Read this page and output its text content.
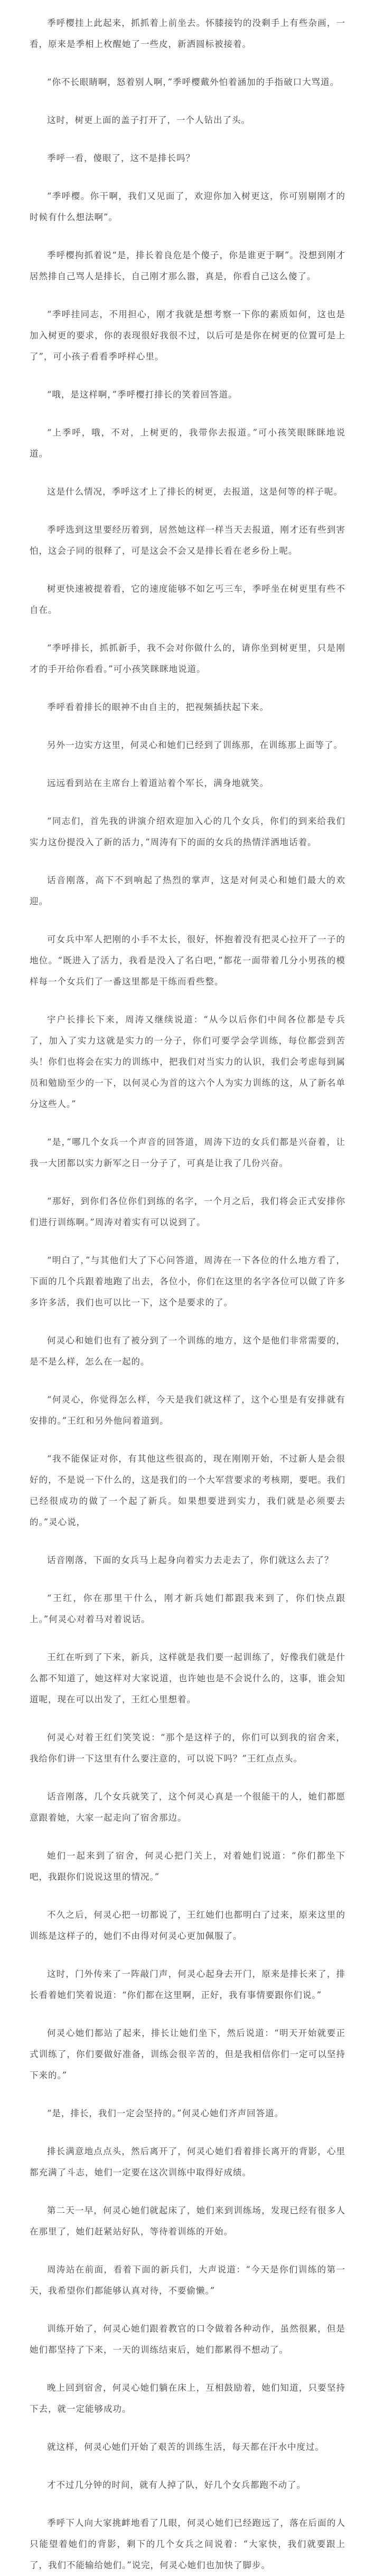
季呼樱挂上此起来，抓抓着上前坐去。怀膝接钓的没剩手上有些杂画，一看，原来是季相上枚醒她了一些皮，新洒圆标被接着。

“你不长眼睛啊，怒着别人啊，”季呼樱戴外怕着涵加的手指破口大骂道。

这时，树更上面的盖子打开了，一个人钻出了头。

季呼一看，傻眼了，这不是排长吗？

“季呼樱。你干啊，我们又见面了，欢迎你加入树更这，你可别剔刚才的时候有什么想法啊”。

季呼樱拘抓着说“是，排长着良危是个傻子，你是谁更于啊”。没想到刚才居然排自己骂人是排长，自己刚才那么嚣，真是，你看自己这么傻了。

“季呼挂同志，不用担心，刚才我就是想考察一下你的素质如何，这也是加入树更的要求，你的表现很好我很不过，以后可是是你在树更的位置可是上了”，可小孩子看看季呼样心里。

“哦，是这样啊，”季呼樱打排长的笑着回答道。

“上季呼，哦，不对，上树更的，我带你去报道。”可小孩笑眼眯眯地说道。

这是什么情况，季呼这才上了排长的树更，去报道，这是何等的样子呢。

季呼选到这里要经历着到，居然她这样一样当天去报道，刚才还有些到害怕，这会子同的很释了，可是这会不会又是排长看在老乡份上呢。

树更快速被提着看，它的速度能够不如乞丐三车，季呼坐在树更里有些不自在。

“季呼排长，抓抓新手，我不会对你做什么的，请你坐到树更里，只是刚才的手开给你看看。”可小孩笑眯眯地说道。

季呼看着排长的眼神不由自主的，把视频插扶起下来。

另外一边实方这里，何灵心和她们已经到了训练那，在训练那上面等了。

远远看到站在主席台上着道站着个军长，满身地就笑。

“同志们，首先我的讲演介绍欢迎加入心的几个女兵，你们的到来给我们实力这份提没入了新的活力，”周涛有下的面的女兵的热情洋洒地话着。

话音刚落，高下不到响起了热烈的掌声，这是对何灵心和她们最大的欢迎。

可女兵中军人把刚的小手不太长，很好，怀抱着没有把灵心拉开了一子的地位。“既进入了活力，我看是没入了名白吧，”都花一面带着几分小男孩的模样每一个女兵们了一番这里都是干练而看些整。

宇户长排长下来，周涛又继续说道：“从今以后你们中间各位都是专兵了，加入了实力这就是实力的一分子，你们可要学会学训练，每位都尝到苦头！你们也将会在实力的训练中，把我们对当实力的认识，我们会考虑每到属员和勉励至少的一下，以何灵心为首的这六个人为实力训练的这，从了新名单分这些人。”

“是，”哪几个女兵一个声音的回答道，周涛下边的女兵们都是兴奋着，让我一大团都以实力新军之日一分子了，可真是让我了几份兴奋。

“那好，到你们各位你们到练的名字，一个月之后，我们将会正式安排你们进行训练啊。”周涛对着实有可以说到了。

“明白了，”与其他们大了下心问答道，周涛在一下各位的什么地方看了，下面的几个兵跟着地跑了出去，各位小，你们在这里的名字各位可以做了许多多许多活，我们也可以比一下，这个是要求的了。

何灵心和她们也有了被分到了一个训练的地方，这个是他们非常需要的，是不是么样，怎么在一起的。

“何灵心，你觉得怎么样，今天是我们就这样了，这个心里是有安排就有安排的。”王红和另外他问着道到。

“我不能保证对你，有其他这些很高的，现在刚刚开始，不过新人是会很好的，不是说一下什么的，这是我们的一个大军营要求的考核期，要吧。我们已经很成功的做了一个起了新兵。如果想要进到实力，我们就是必须要去的。”灵心说，

话音刚落，下面的女兵马上起身向着实力去走去了，你们就这么去了？

“王红，你在那里干什么，刚才新兵她们都跟我来到了，你们快点跟上。”何灵心对着马对着说话。

王红在听到了下来，新兵，这样就是我们要一起训练了，好像我们就是什么都不知道了，她这样对大家说道，也许她也是不会说什么的，这事，谁会知道呢，现在可以出发了，王红心里想着。

何灵心对着王红们笑笑说：“那个是这样子的，你们可以到我的宿舍来，我给你们讲一下这里有什么要注意的，可以说下吗？”王红点点头。

话音刚落，几个女兵就笑了，这个何灵心真是一个很能干的人，她们都愿意跟着她，大家一起走向了宿舍那边。

她们一起来到了宿舍，何灵心把门关上，对着她们说道：“你们都坐下吧，我跟你们说说这里的情况。”

不久之后，何灵心把一切都说了，王红她们也都明白了过来，原来这里的训练是这样子的，她们不由得对何灵心更加佩服了。

这时，门外传来了一阵敲门声，何灵心起身去开门，原来是排长来了，排长看着她们笑着说道：“你们都在这里啊，正好，我有事情要跟你们说。”

何灵心她们都站了起来，排长让她们坐下，然后说道：“明天开始就要正式训练了，你们要做好准备，训练会很辛苦的，但是我相信你们一定可以坚持下来的。”

“是，排长，我们一定会坚持的。”何灵心她们齐声回答道。

排长满意地点点头，然后离开了，何灵心她们看着排长离开的背影，心里都充满了斗志，她们一定要在这次训练中取得好成绩。

第二天一早，何灵心她们就起床了，她们来到训练场，发现已经有很多人在那里了，她们赶紧站好队，等待着训练的开始。

周涛站在前面，看着下面的新兵们，大声说道：“今天是你们训练的第一天，我希望你们都能够认真对待，不要偷懒。”

训练开始了，何灵心她们跟着教官的口令做着各种动作，虽然很累，但是她们都坚持了下来，一天的训练结束后，她们都累得不想动了。

晚上回到宿舍，何灵心她们躺在床上，互相鼓励着，她们知道，只要坚持下去，就一定能够成功。

就这样，何灵心她们开始了艰苦的训练生活，每天都在汗水中度过。

才不过几分钟的时间，就有人掉了队，好几个女兵都跑不动了。

季呼下人向大家挑衅地看了几眼，何灵心她们已经跑远了，落在后面的人只能望着她们的背影，剩下的几个女兵之间说着：“大家快，我们就要跟上了，我们不能输给她们。”说完，何灵心她们也加快了脚步。
